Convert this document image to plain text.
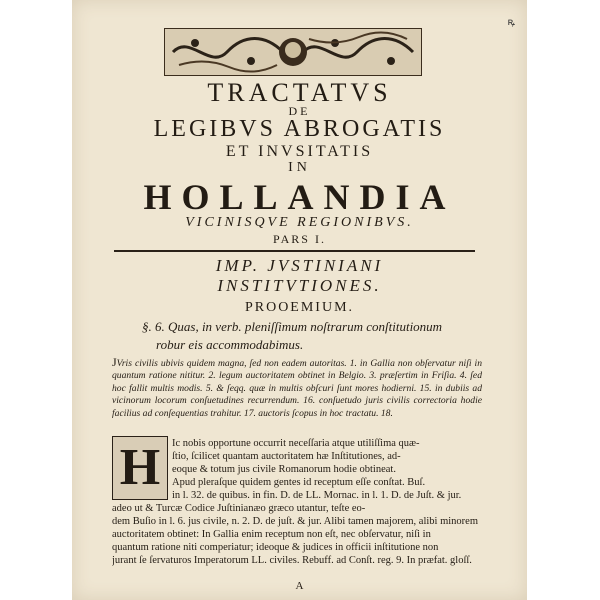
ꝶ
TRACTATVS
DE
LEGIBVS ABROGATIS
ET INVSITATIS
IN
HOLLANDIA
VICINISQVE REGIONIBVS.
PARS I.
IMP. JVSTINIANI
INSTITVTIONES.
PROOEMIUM.
§. 6. Quas, in verb. pleniſſimum noſtrarum conſtitutionum
robur eis accommodabimus.
JVris civilis ubivis quidem magna, ſed non eadem autoritas. 1. in Gallia non obſervatur niſi in quantum ratione nititur. 2. legum auctoritatem obtinet in Belgio. 3. præſertim in Friſia. 4. ſed hoc fallit multis modis. 5. & ſeqq. quæ in multis obſcuri ſunt mores hodierni. 15. in dubiis ad vicinorum locorum conſuetudines recurrendum. 16. conſuetudo juris civilis correctoria hodie facilius ad conſequentias trahitur. 17. auctoris ſcopus in hoc tractatu. 18.
H Ic nobis opportune occurrit neceſſaria atque utiliſſima quæ-
ſtio, ſcilicet quantam auctoritatem hæ Inſtitutiones, ad-
eoque & totum jus civile Romanorum hodie obtineat.
Apud pleraſque quidem gentes id receptum eſſe conſtat. Buſ.
in l. 32. de quibus. in fin. D. de LL. Mornac. in l. 1. D. de Juſt. & jur.
adeo ut & Turcæ Codice Juſtinianæo græco utantur, teſte eo-
dem Buſio in l. 6. jus civile, n. 2. D. de juſt. & jur. Alibi tamen majorem, alibi minorem
auctoritatem obtinet: In Gallia enim receptum non eſt, nec obſervatur, niſi in
quantum ratione niti comperiatur; ideoque & judices in officii inſtitutione non
jurant ſe ſervaturos Imperatorum LL. civiles. Rebuff. ad Conſt. reg. 9. In præfat. gloſſ.
A
